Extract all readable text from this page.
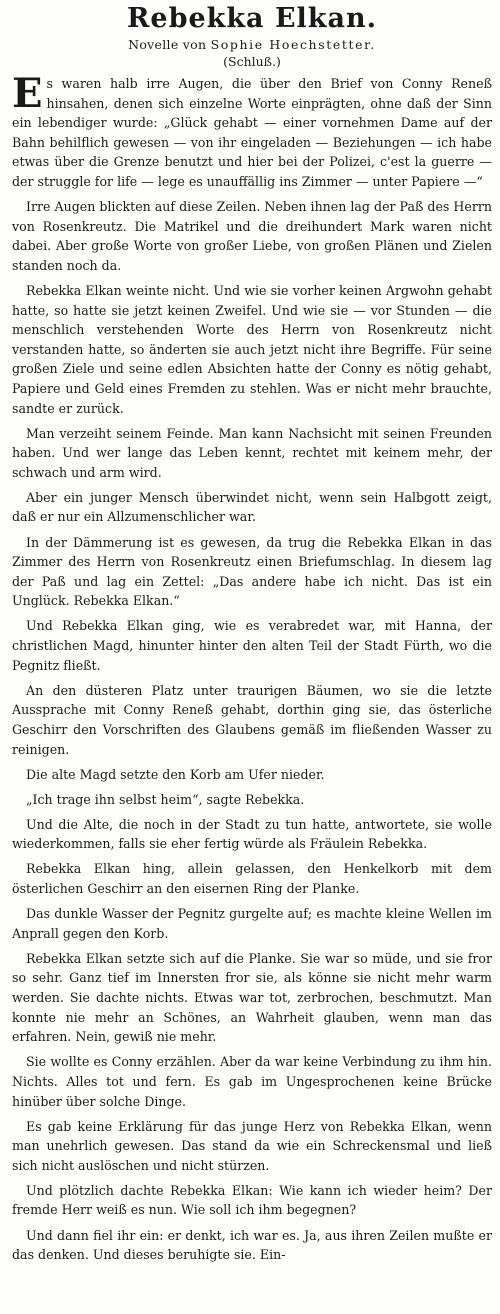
Rebekka Elkan.

Novelle von Sophie Hoechstetter.

(Schluß.)

Es waren halb irre Augen, die über den Brief von Conny Reneß hinsahen, denen sich einzelne Worte einprägten, ohne daß der Sinn ein lebendiger wurde: „Glück gehabt — einer vornehmen Dame auf der Bahn behilflich gewesen — von ihr eingeladen — Beziehungen — ich habe etwas über die Grenze benutzt und hier bei der Polizei, c'est la guerre — der struggle for life — lege es unauffällig ins Zimmer — unter Papiere —“

Irre Augen blickten auf diese Zeilen. Neben ihnen lag der Paß des Herrn von Rosenkreutz. Die Matrikel und die dreihundert Mark waren nicht dabei. Aber große Worte von großer Liebe, von großen Plänen und Zielen standen noch da.

Rebekka Elkan weinte nicht. Und wie sie vorher keinen Argwohn gehabt hatte, so hatte sie jetzt keinen Zweifel. Und wie sie — vor Stunden — die menschlich verstehenden Worte des Herrn von Rosenkreutz nicht verstanden hatte, so änderten sie auch jetzt nicht ihre Begriffe. Für seine großen Ziele und seine edlen Absichten hatte der Conny es nötig gehabt, Papiere und Geld eines Fremden zu stehlen. Was er nicht mehr brauchte, sandte er zurück.

Man verzeiht seinem Feinde. Man kann Nachsicht mit seinen Freunden haben. Und wer lange das Leben kennt, rechtet mit keinem mehr, der schwach und arm wird.

Aber ein junger Mensch überwindet nicht, wenn sein Halbgott zeigt, daß er nur ein Allzumenschlicher war.

In der Dämmerung ist es gewesen, da trug die Rebekka Elkan in das Zimmer des Herrn von Rosenkreutz einen Briefumschlag. In diesem lag der Paß und lag ein Zettel: „Das andere habe ich nicht. Das ist ein Unglück. Rebekka Elkan.“

Und Rebekka Elkan ging, wie es verabredet war, mit Hanna, der christlichen Magd, hinunter hinter den alten Teil der Stadt Fürth, wo die Pegnitz fließt.

An den düsteren Platz unter traurigen Bäumen, wo sie die letzte Aussprache mit Conny Reneß gehabt, dorthin ging sie, das österliche Geschirr den Vorschriften des Glaubens gemäß im fließenden Wasser zu reinigen.

Die alte Magd setzte den Korb am Ufer nieder.

„Ich trage ihn selbst heim“, sagte Rebekka.

Und die Alte, die noch in der Stadt zu tun hatte, antwortete, sie wolle wiederkommen, falls sie eher fertig würde als Fräulein Rebekka.

Rebekka Elkan hing, allein gelassen, den Henkelkorb mit dem österlichen Geschirr an den eisernen Ring der Planke.

Das dunkle Wasser der Pegnitz gurgelte auf; es machte kleine Wellen im Anprall gegen den Korb.

Rebekka Elkan setzte sich auf die Planke. Sie war so müde, und sie fror so sehr. Ganz tief im Innersten fror sie, als könne sie nicht mehr warm werden. Sie dachte nichts. Etwas war tot, zerbrochen, beschmutzt. Man konnte nie mehr an Schönes, an Wahrheit glauben, wenn man das erfahren. Nein, gewiß nie mehr.

Sie wollte es Conny erzählen. Aber da war keine Verbindung zu ihm hin. Nichts. Alles tot und fern. Es gab im Ungesprochenen keine Brücke hinüber über solche Dinge.

Es gab keine Erklärung für das junge Herz von Rebekka Elkan, wenn man unehrlich gewesen. Das stand da wie ein Schreckensmal und ließ sich nicht auslöschen und nicht stürzen.

Und plötzlich dachte Rebekka Elkan: Wie kann ich wieder heim? Der fremde Herr weiß es nun. Wie soll ich ihm begegnen?

Und dann fiel ihr ein: er denkt, ich war es. Ja, aus ihren Zeilen mußte er das denken. Und dieses beruhigte sie. Ein-
